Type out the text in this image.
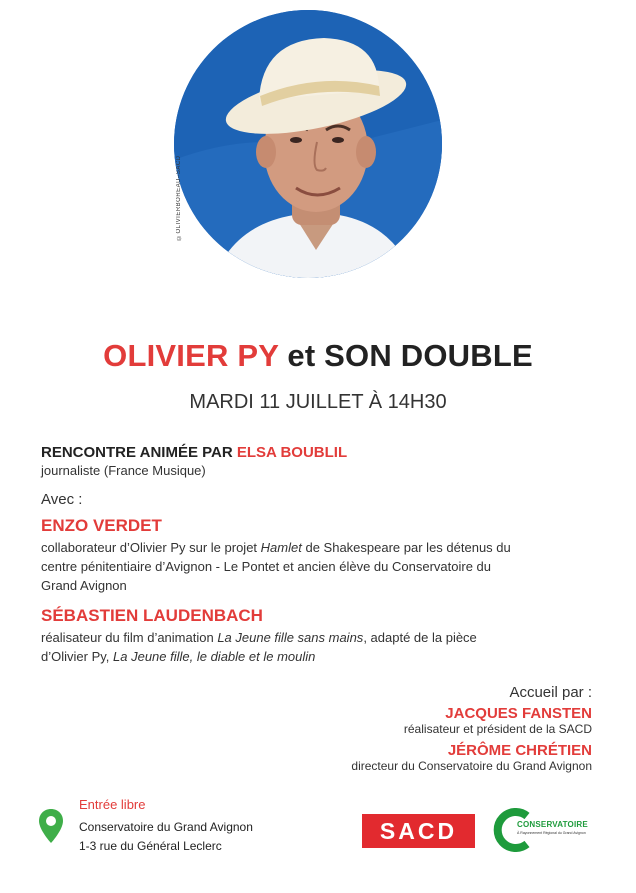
©OLIVIERBOREAU–SACD
OLIVIER PY et SON DOUBLE
MARDI 11 JUILLET À 14H30
RENCONTRE ANIMÉE PAR ELSA BOUBLIL
journaliste (France Musique)
Avec :
ENZO VERDET
collaborateur d’Olivier Py sur le projet Hamlet de Shakespeare par les détenus du
centre pénitentiaire d’Avignon - Le Pontet et ancien élève du Conservatoire du
Grand Avignon
SÉBASTIEN LAUDENBACH
réalisateur du film d’animation La Jeune fille sans mains, adapté de la pièce
d’Olivier Py, La Jeune fille, le diable et le moulin
Accueil par :
JACQUES FANSTEN
réalisateur et président de la SACD
JÉRÔME CHRÉTIEN
directeur du Conservatoire du Grand Avignon
Entrée libre
Conservatoire du Grand Avignon
1-3 rue du Général Leclerc
SACD	CONSERVATOIRE
À Rayonnement Régional du Grand Avignon
